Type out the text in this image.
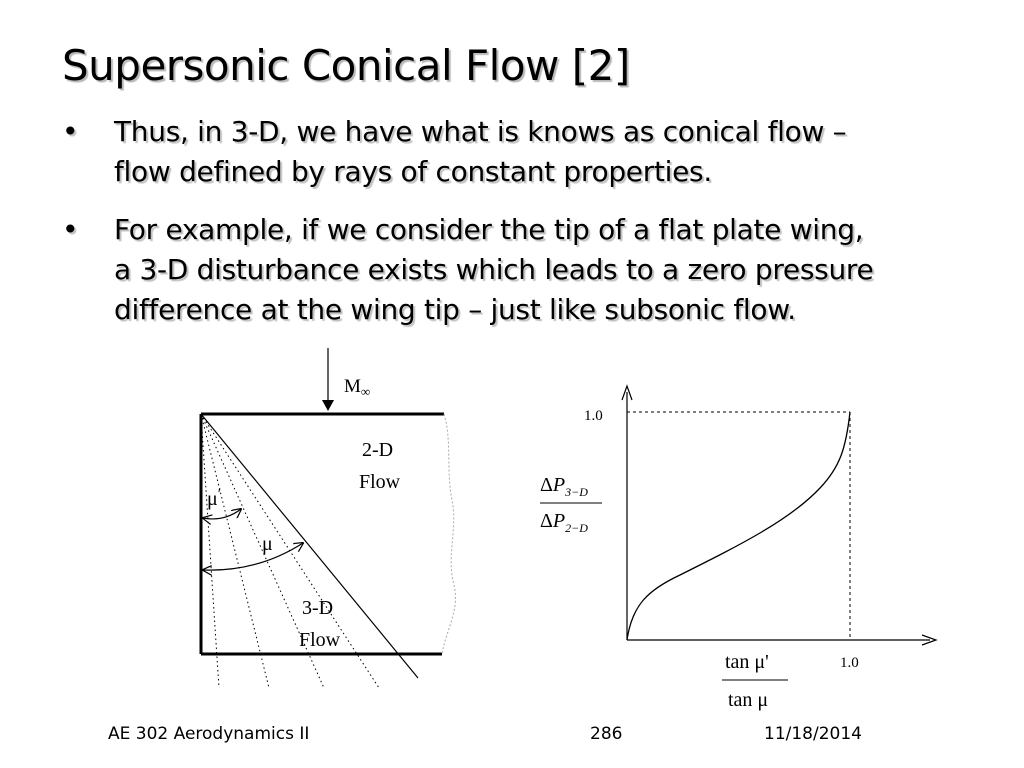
Supersonic Conical Flow [2]
• Thus, in 3-D, we have what is knows as conical flow –
flow defined by rays of constant properties.
• For example, if we consider the tip of a flat plate wing,
a 3-D disturbance exists which leads to a zero pressure
difference at the wing tip – just like subsonic flow.
$M_\infty$
μ′
μ
2-D
Flow
3-D
Flow
1.0
1.0
$\Delta P_{3-D}$
$\Delta P_{2-D}$
tan μ'
tan μ
AE 302 Aerodynamics II	286	11/18/2014
